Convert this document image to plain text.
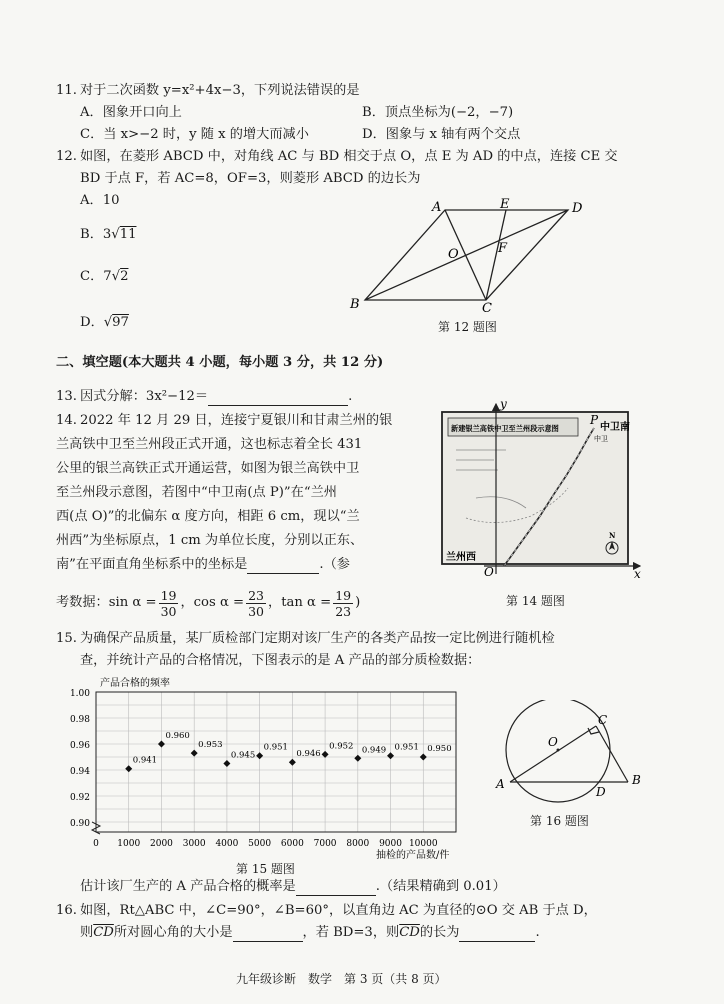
11. 对于二次函数 y=x²+4x−3，下列说法错误的是
A．图象开口向上	B．顶点坐标为(−2，−7)
C．当 x>−2 时，y 随 x 的增大而减小	D．图象与 x 轴有两个交点
12. 如图，在菱形 ABCD 中，对角线 AC 与 BD 相交于点 O，点 E 为 AD 的中点，连接 CE 交
BD 于点 F，若 AC=8，OF=3，则菱形 ABCD 的边长为
A．10
B．3√11
C．7√2
D．√97
A	D
B	C
E
O	F
第 12 题图
二、填空题(本大题共 4 小题，每小题 3 分，共 12 分)
13. 因式分解：3x²−12＝	.
14. 2022 年 12 月 29 日，连接宁夏银川和甘肃兰州的银
兰高铁中卫至兰州段正式开通，这也标志着全长 431
公里的银兰高铁正式开通运营，如图为银兰高铁中卫
至兰州段示意图，若图中“中卫南(点 P)”在“兰州
西(点 O)”的北偏东 α 度方向，相距 6 cm，现以“兰
州西”为坐标原点，1 cm 为单位长度，分别以正东、
南”在平面直角坐标系中的坐标是	.（参
考数据： $\sin \alpha = \frac{19}{30}$ ，$\cos \alpha = \frac{23}{30}$ ，$\tan \alpha = \frac{19}{23}$ )
新建银兰高铁中卫至兰州段示意图
y
x
O
P
中卫南
中卫
兰州西
N
第 14 题图
15. 为确保产品质量，某厂质检部门定期对该厂生产的各类产品按一定比例进行随机检
查，并统计产品的合格情况，下图表示的是 A 产品的部分质检数据：
0.90
0.92
0.94
0.96
0.98
1.00
0 1000 2000 3000 4000 5000 6000 7000 8000 9000 10000
产品合格的频率
抽检的产品数/件
0.941
0.960
0.953
0.945
0.951
0.946
0.952 0.949 0.951 0.950
第 15 题图
估计该厂生产的 A 产品合格的概率是	.（结果精确到 0.01）
A
C
B
D
O
第 16 题图
16. 如图，Rt△ABC 中，∠C=90°，∠B=60°，以直角边 AC 为直径的⊙O 交 AB 于点 D，
则$\overline{CD}$所对圆心角的大小是	，若 BD=3，则$\overline{CD}$的长为	.
九年级诊断　数学　第 3 页（共 8 页）
